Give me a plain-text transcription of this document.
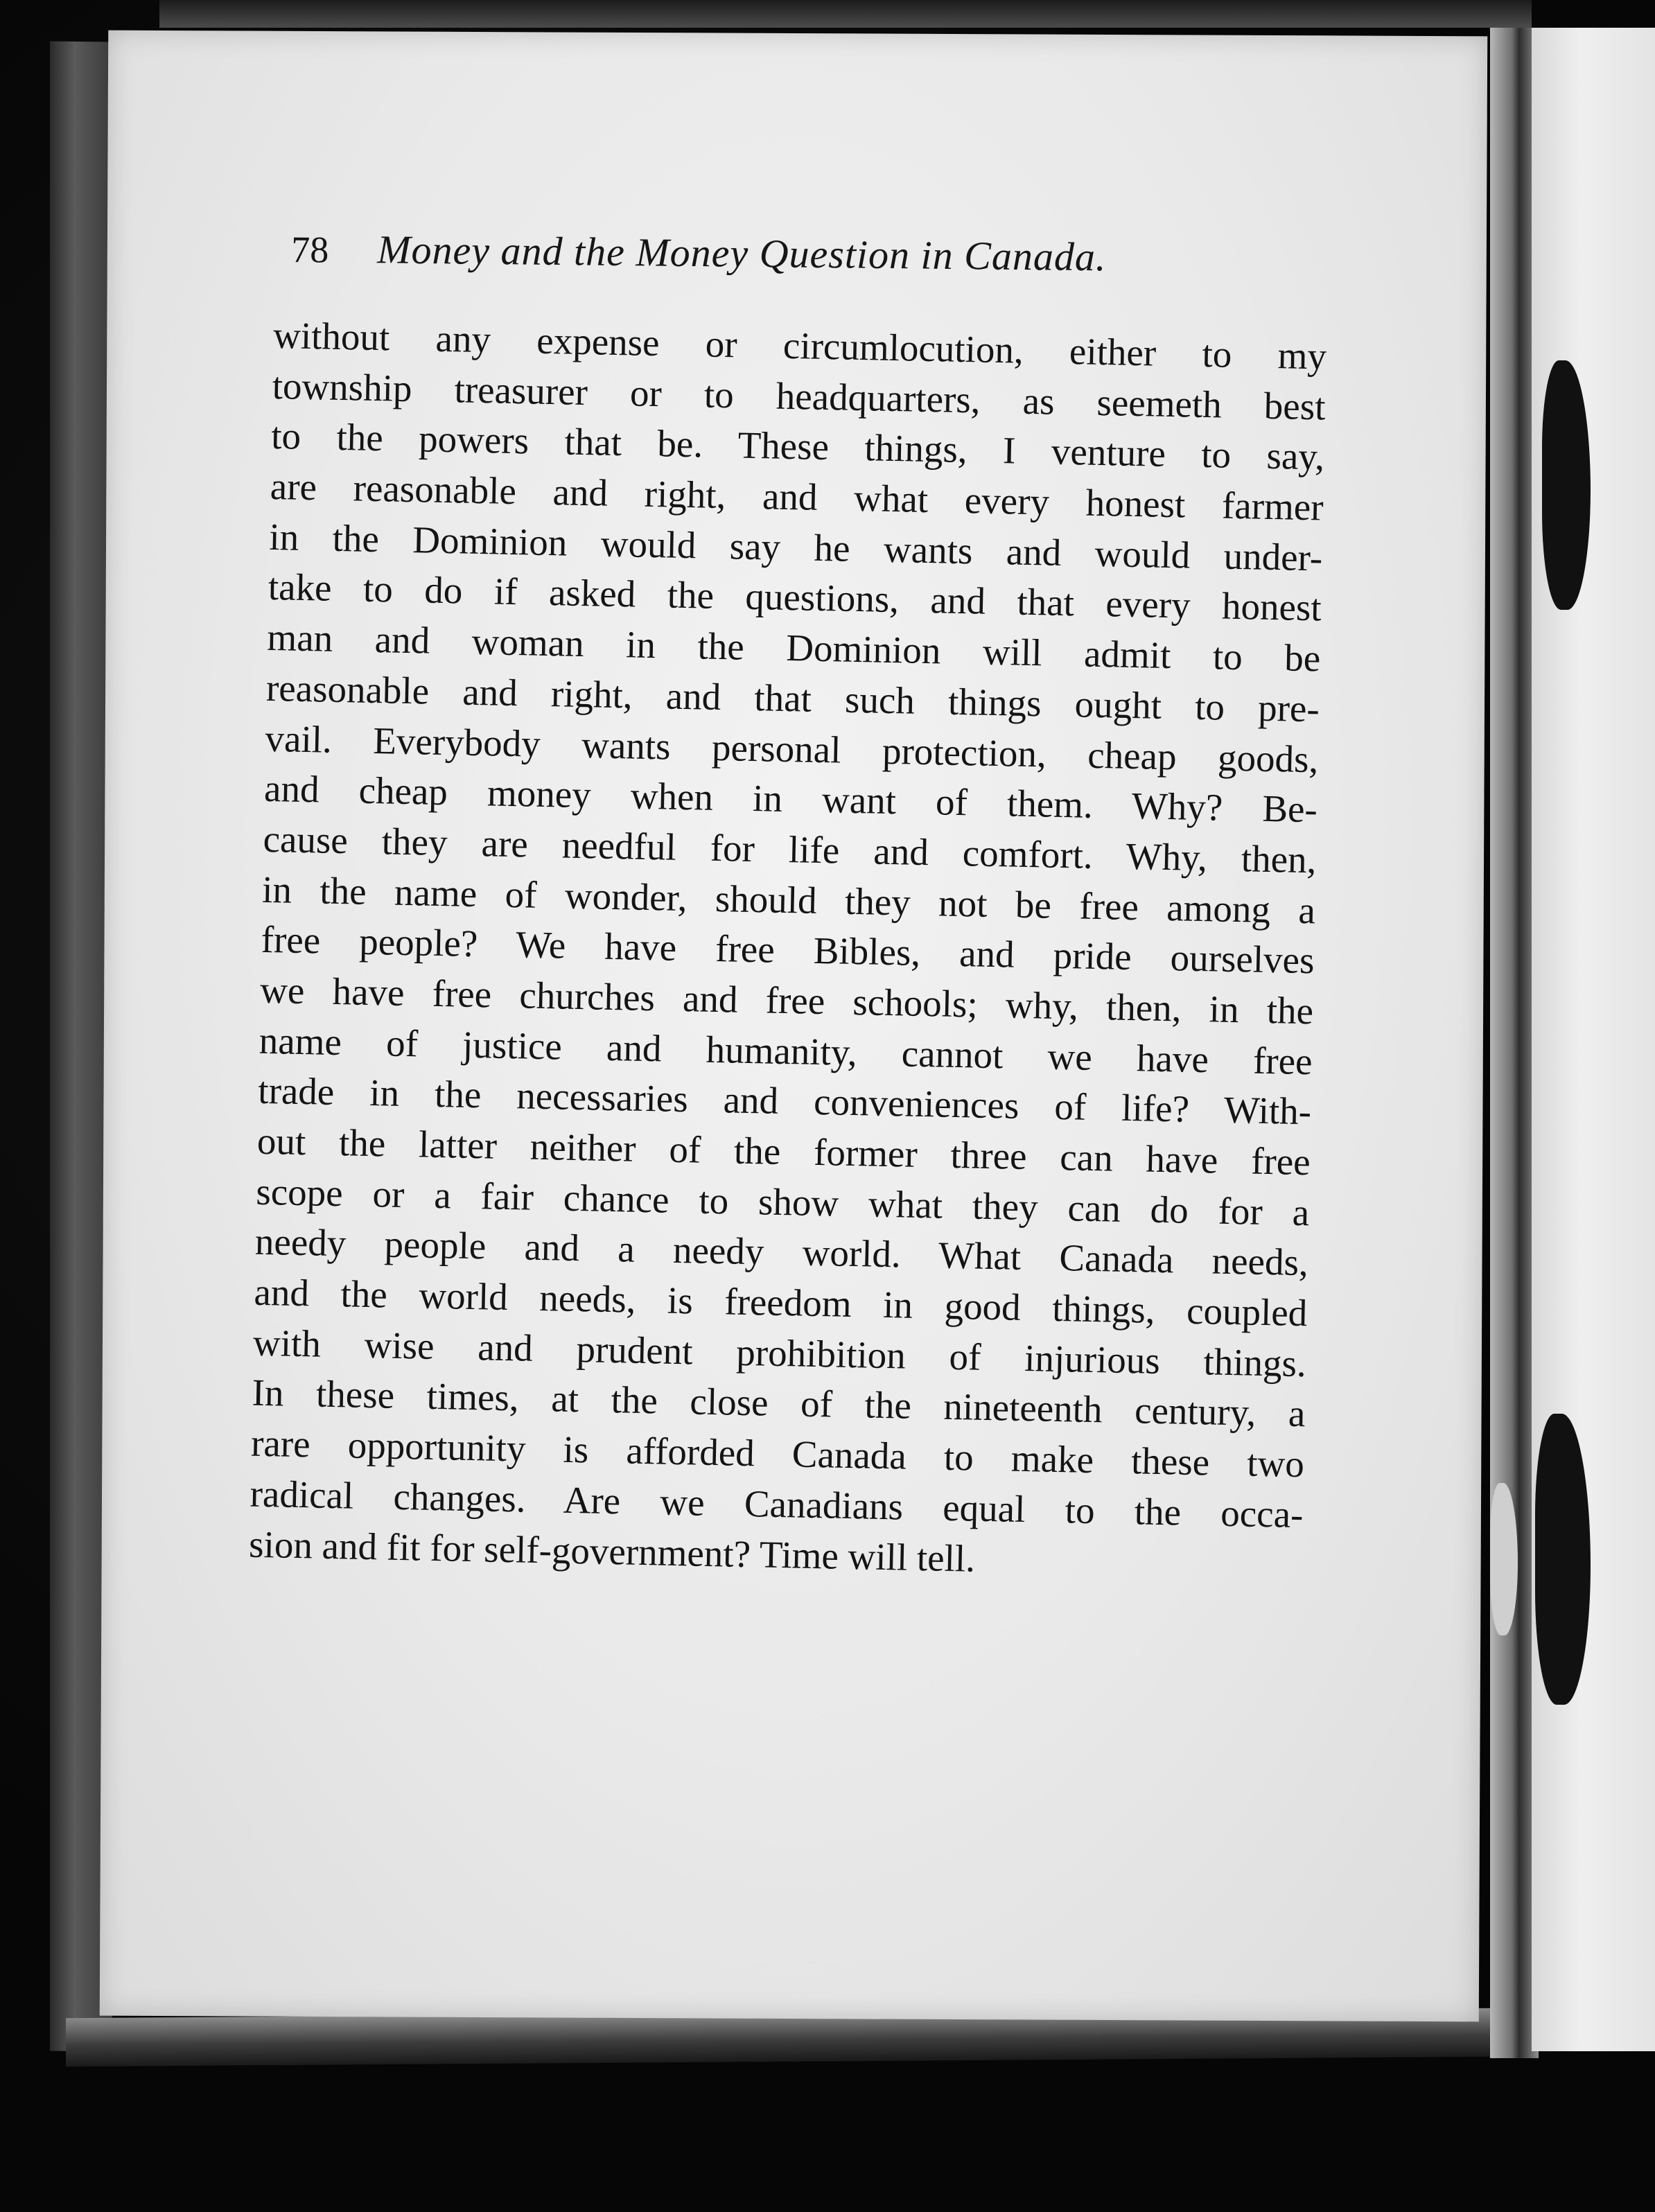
78 Money and the Money Question in Canada.
without any expense or circumlocution, either to my
township treasurer or to headquarters, as seemeth best
to the powers that be. These things, I venture to say,
are reasonable and right, and what every honest farmer
in the Dominion would say he wants and would under-
take to do if asked the questions, and that every honest
man and woman in the Dominion will admit to be
reasonable and right, and that such things ought to pre-
vail. Everybody wants personal protection, cheap goods,
and cheap money when in want of them. Why? Be-
cause they are needful for life and comfort. Why, then,
in the name of wonder, should they not be free among a
free people? We have free Bibles, and pride ourselves
we have free churches and free schools; why, then, in the
name of justice and humanity, cannot we have free
trade in the necessaries and conveniences of life? With-
out the latter neither of the former three can have free
scope or a fair chance to show what they can do for a
needy people and a needy world. What Canada needs,
and the world needs, is freedom in good things, coupled
with wise and prudent prohibition of injurious things.
In these times, at the close of the nineteenth century, a
rare opportunity is afforded Canada to make these two
radical changes. Are we Canadians equal to the occa-
sion and fit for self-government? Time will tell.
